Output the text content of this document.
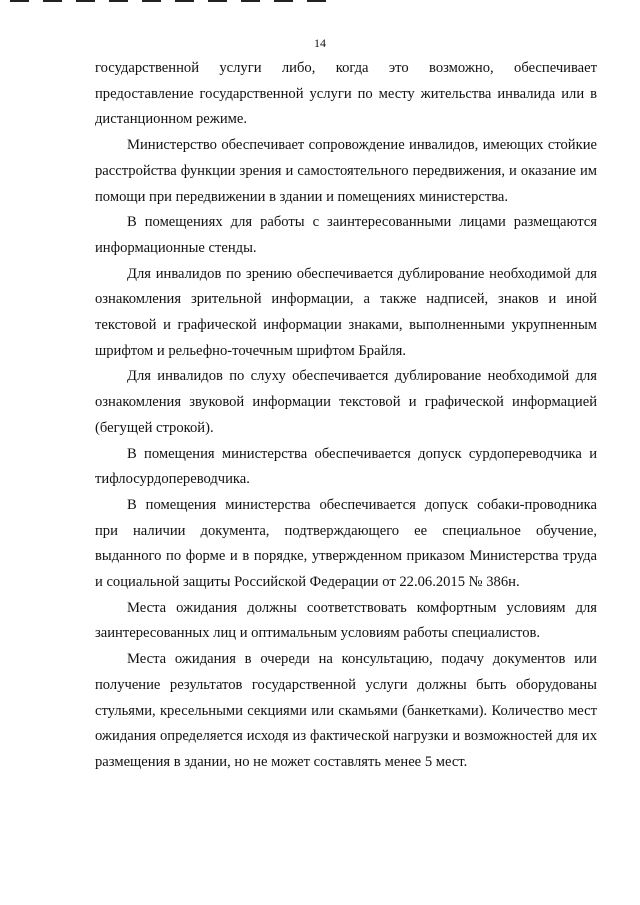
14

государственной услуги либо, когда это возможно, обеспечивает предоставление государственной услуги по месту жительства инвалида или в дистанционном режиме.

Министерство обеспечивает сопровождение инвалидов, имеющих стойкие расстройства функции зрения и самостоятельного передвижения, и оказание им помощи при передвижении в здании и помещениях министерства.

В помещениях для работы с заинтересованными лицами размещаются информационные стенды.

Для инвалидов по зрению обеспечивается дублирование необходимой для ознакомления зрительной информации, а также надписей, знаков и иной текстовой и графической информации знаками, выполненными укрупненным шрифтом и рельефно-точечным шрифтом Брайля.

Для инвалидов по слуху обеспечивается дублирование необходимой для ознакомления звуковой информации текстовой и графической информацией (бегущей строкой).

В помещения министерства обеспечивается допуск сурдопереводчика и тифлосурдопереводчика.

В помещения министерства обеспечивается допуск собаки-проводника при наличии документа, подтверждающего ее специальное обучение, выданного по форме и в порядке, утвержденном приказом Министерства труда и социальной защиты Российской Федерации от 22.06.2015 № 386н.

Места ожидания должны соответствовать комфортным условиям для заинтересованных лиц и оптимальным условиям работы специалистов.

Места ожидания в очереди на консультацию, подачу документов или получение результатов государственной услуги должны быть оборудованы стульями, кресельными секциями или скамьями (банкетками). Количество мест ожидания определяется исходя из фактической нагрузки и возможностей для их размещения в здании, но не может составлять менее 5 мест.
